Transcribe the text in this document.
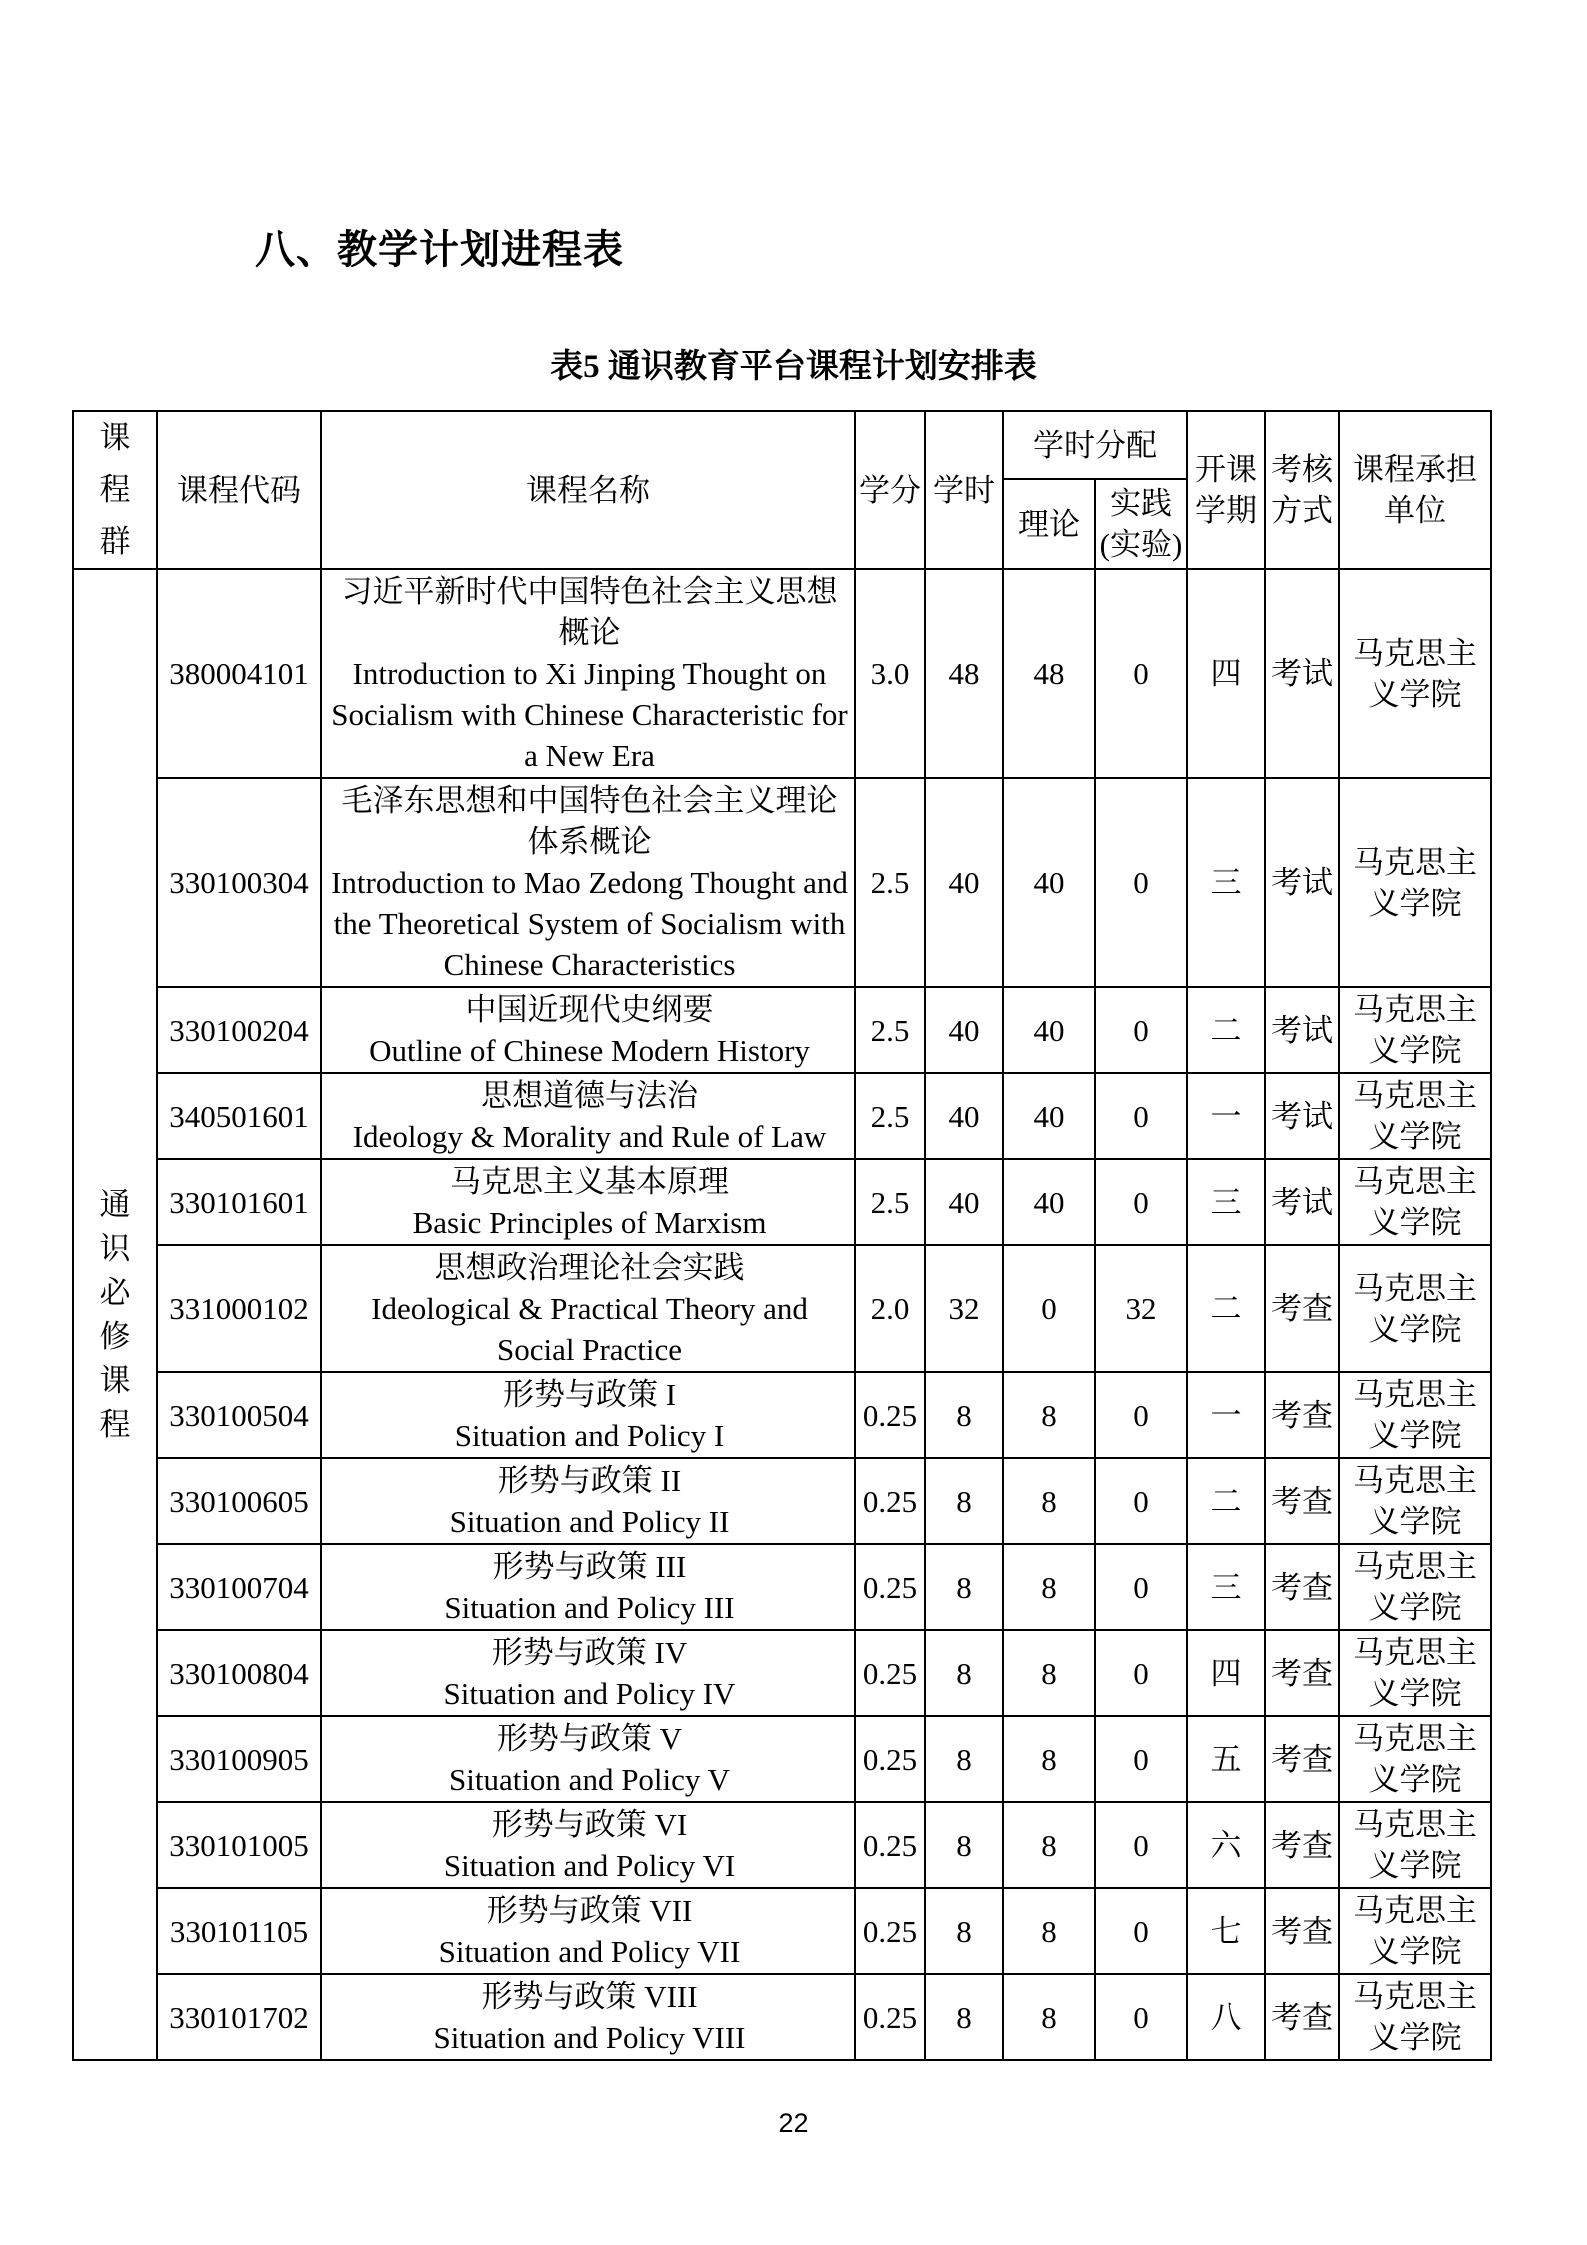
八、教学计划进程表
表5 通识教育平台课程计划安排表
课程群	课程代码	课程名称	学分	学时	学时分配		开课学期	考核方式	课程承担单位
					理论	实践(实验)			

通识必修课程	380004101	习近平新时代中国特色社会主义思想概论
Introduction to Xi Jinping Thought on Socialism with Chinese Characteristic for a New Era	3.0	48	48	0	四	考试	马克思主义学院
	330100304	毛泽东思想和中国特色社会主义理论体系概论
Introduction to Mao Zedong Thought and the Theoretical System of Socialism with Chinese Characteristics	2.5	40	40	0	三	考试	马克思主义学院
	330100204	中国近现代史纲要
Outline of Chinese Modern History	2.5	40	40	0	二	考试	马克思主义学院
	340501601	思想道德与法治
Ideology & Morality and Rule of Law	2.5	40	40	0	一	考试	马克思主义学院
	330101601	马克思主义基本原理
Basic Principles of Marxism	2.5	40	40	0	三	考试	马克思主义学院
	331000102	思想政治理论社会实践
Ideological & Practical Theory and Social Practice	2.0	32	0	32	二	考查	马克思主义学院
	330100504	形势与政策 I
Situation and Policy I	0.25	8	8	0	一	考查	马克思主义学院
	330100605	形势与政策 II
Situation and Policy II	0.25	8	8	0	二	考查	马克思主义学院
	330100704	形势与政策 III
Situation and Policy III	0.25	8	8	0	三	考查	马克思主义学院
	330100804	形势与政策 IV
Situation and Policy IV	0.25	8	8	0	四	考查	马克思主义学院
	330100905	形势与政策 V
Situation and Policy V	0.25	8	8	0	五	考查	马克思主义学院
	330101005	形势与政策 VI
Situation and Policy VI	0.25	8	8	0	六	考查	马克思主义学院
	330101105	形势与政策 VII
Situation and Policy VII	0.25	8	8	0	七	考查	马克思主义学院
	330101702	形势与政策 VIII
Situation and Policy VIII	0.25	8	8	0	八	考查	马克思主义学院
22
